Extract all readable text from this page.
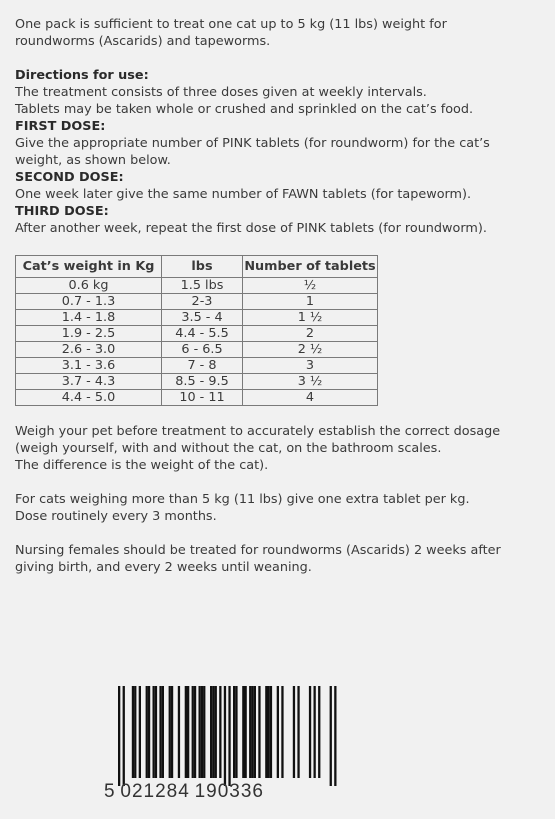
One pack is sufficient to treat one cat up to 5 kg (11 lbs) weight for

roundworms (Ascarids) and tapeworms.

Directions for use:

The treatment consists of three doses given at weekly intervals.

Tablets may be taken whole or crushed and sprinkled on the cat’s food.

FIRST DOSE:

Give the appropriate number of PINK tablets (for roundworm) for the cat’s

weight, as shown below.

SECOND DOSE:

One week later give the same number of FAWN tablets (for tapeworm).

THIRD DOSE:

After another week, repeat the first dose of PINK tablets (for roundworm).

Cat’s weight in Kg	lbs	Number of tablets
0.6 kg	1.5 lbs	½
0.7 - 1.3	2-3	1
1.4 - 1.8	3.5 - 4	1 ½
1.9 - 2.5	4.4 - 5.5	2
2.6 - 3.0	6 - 6.5	2 ½
3.1 - 3.6	7 - 8	3
3.7 - 4.3	8.5 - 9.5	3 ½
4.4 - 5.0	10 - 11	4

Weigh your pet before treatment to accurately establish the correct dosage

(weigh yourself, with and without the cat, on the bathroom scales.

The difference is the weight of the cat).

For cats weighing more than 5 kg (11 lbs) give one extra tablet per kg.

Dose routinely every 3 months.

Nursing females should be treated for roundworms (Ascarids) 2 weeks after

giving birth, and every 2 weeks until weaning.

5 021284 190336
